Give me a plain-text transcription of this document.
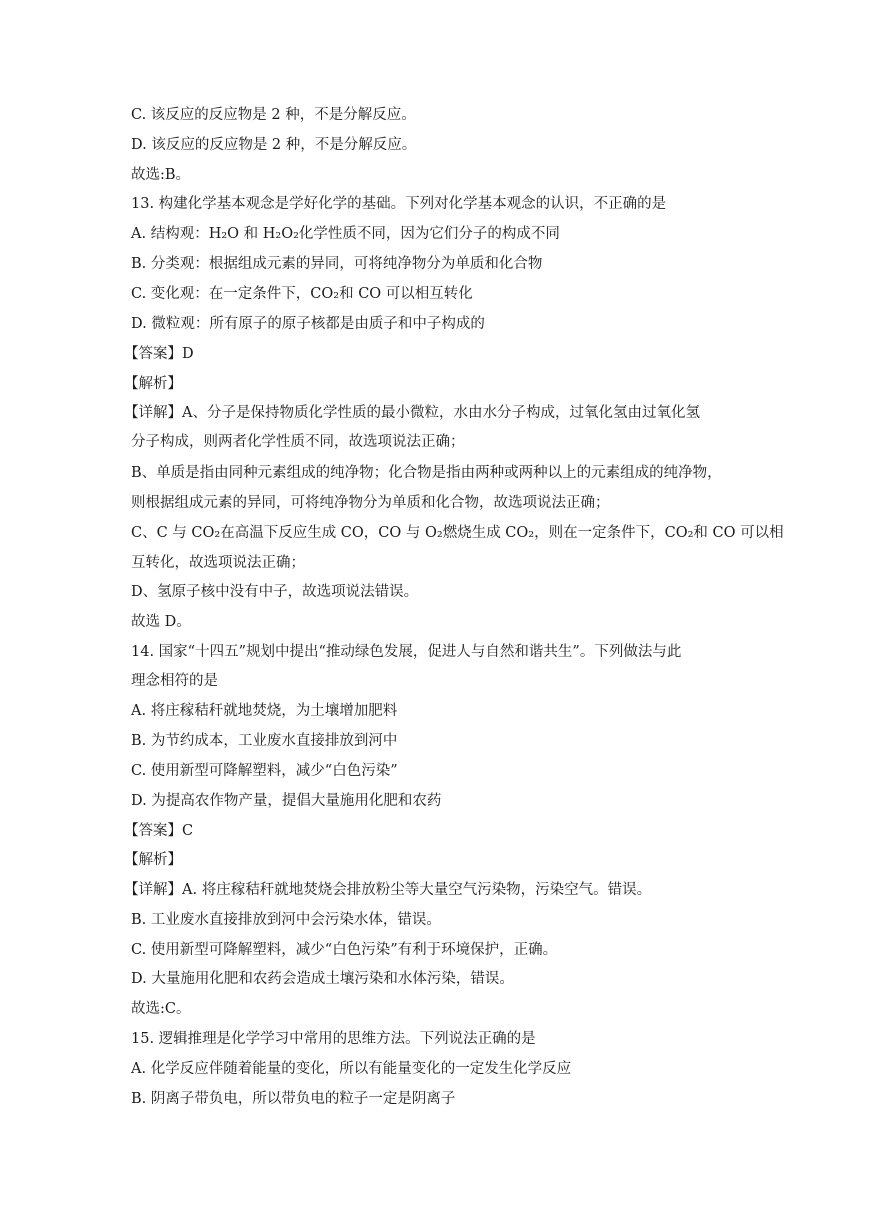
C. 该反应的反应物是 2 种，不是分解反应。
D. 该反应的反应物是 2 种，不是分解反应。
故选:B。
13. 构建化学基本观念是学好化学的基础。下列对化学基本观念的认识，不正确的是
A. 结构观：H₂O 和 H₂O₂化学性质不同，因为它们分子的构成不同
B. 分类观：根据组成元素的异同，可将纯净物分为单质和化合物
C. 变化观：在一定条件下，CO₂和 CO 可以相互转化
D. 微粒观：所有原子的原子核都是由质子和中子构成的
【答案】D
【解析】
【详解】A、分子是保持物质化学性质的最小微粒，水由水分子构成，过氧化氢由过氧化氢
分子构成，则两者化学性质不同，故选项说法正确；
B、单质是指由同种元素组成的纯净物；化合物是指由两种或两种以上的元素组成的纯净物，
则根据组成元素的异同，可将纯净物分为单质和化合物，故选项说法正确；
C、C 与 CO₂在高温下反应生成 CO，CO 与 O₂燃烧生成 CO₂，则在一定条件下，CO₂和 CO 可以相
互转化，故选项说法正确；
D、氢原子核中没有中子，故选项说法错误。
故选 D。
14. 国家“十四五”规划中提出“推动绿色发展，促进人与自然和谐共生”。下列做法与此
理念相符的是
A. 将庄稼秸秆就地焚烧，为土壤增加肥料
B. 为节约成本，工业废水直接排放到河中
C. 使用新型可降解塑料，减少“白色污染”
D. 为提高农作物产量，提倡大量施用化肥和农药
【答案】C
【解析】
【详解】A. 将庄稼秸秆就地焚烧会排放粉尘等大量空气污染物，污染空气。错误。
B. 工业废水直接排放到河中会污染水体，错误。
C. 使用新型可降解塑料，减少“白色污染”有利于环境保护，正确。
D. 大量施用化肥和农药会造成土壤污染和水体污染，错误。
故选:C。
15. 逻辑推理是化学学习中常用的思维方法。下列说法正确的是
A. 化学反应伴随着能量的变化，所以有能量变化的一定发生化学反应
B. 阴离子带负电，所以带负电的粒子一定是阴离子
